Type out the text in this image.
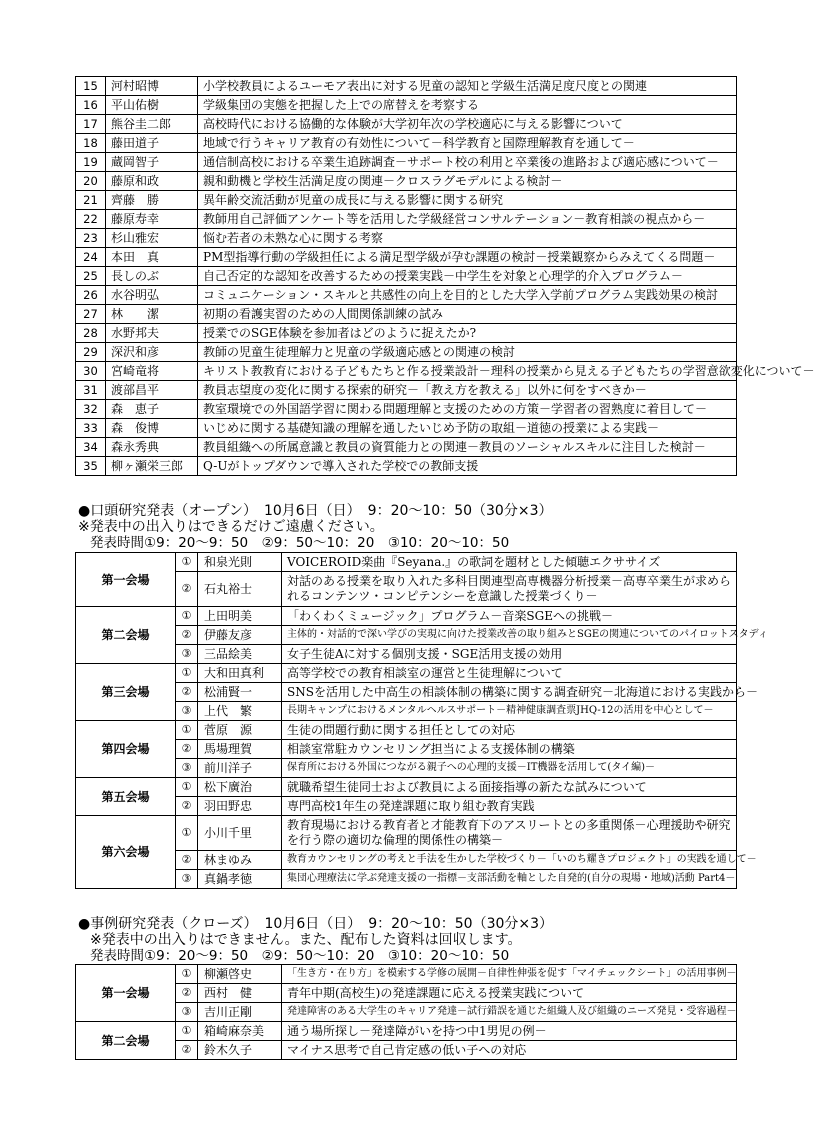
15	河村昭博	小学校教員によるユーモア表出に対する児童の認知と学級生活満足度尺度との関連
16	平山佑樹	学級集団の実態を把握した上での席替えを考察する
17	熊谷圭二郎	高校時代における協働的な体験が大学初年次の学校適応に与える影響について
18	藤田道子	地域で行うキャリア教育の有効性について－科学教育と国際理解教育を通して－
19	蔵岡智子	通信制高校における卒業生追跡調査－サポート校の利用と卒業後の進路および適応感について－
20	藤原和政	親和動機と学校生活満足度の関連－クロスラグモデルによる検討－
21	齊藤　勝	異年齢交流活動が児童の成長に与える影響に関する研究
22	藤原寿幸	教師用自己評価アンケート等を活用した学級経営コンサルテーション－教育相談の視点から－
23	杉山雅宏	悩む若者の未熟な心に関する考察
24	本田　真	PM型指導行動の学級担任による満足型学級が孕む課題の検討－授業観察からみえてくる問題－
25	長しのぶ	自己否定的な認知を改善するための授業実践－中学生を対象と心理学的介入プログラム－
26	水谷明弘	コミュニケーション・スキルと共感性の向上を目的とした大学入学前プログラム実践効果の検討
27	林　　潔	初期の看護実習のための人間関係訓練の試み
28	水野邦夫	授業でのSGE体験を参加者はどのように捉えたか?
29	深沢和彦	教師の児童生徒理解力と児童の学級適応感との関連の検討
30	宮崎竜将	キリスト教教育における子どもたちと作る授業設計－理科の授業から見える子どもたちの学習意欲変化について－
31	渡部昌平	教員志望度の変化に関する探索的研究－「教え方を教える」以外に何をすべきか－
32	森　恵子	教室環境での外国語学習に関わる問題理解と支援のための方策－学習者の習熟度に着目して－
33	森　俊博	いじめに関する基礎知識の理解を通したいじめ予防の取組－道徳の授業による実践－
34	森永秀典	教員組織への所属意識と教員の資質能力との関連－教員のソーシャルスキルに注目した検討－
35	柳ヶ瀬栄三郎	Q-Uがトップダウンで導入された学校での教師支援
●口頭研究発表（オープン）　10月6日（日）　9：20～10：50（30分×3）
※発表中の出入りはできるだけご遠慮ください。
発表時間①9：20～9：50　②9：50～10：20　③10：20～10：50
第一会場	①	和泉光則	VOICEROID楽曲『Seyana.』の歌詞を題材とした傾聴エクササイズ
	②	石丸裕士	対話のある授業を取り入れた多科目関連型高専機器分析授業－高専卒業生が求められるコンテンツ・コンピテンシーを意識した授業づくり－
第二会場	①	上田明美	「わくわくミュージック」プログラム－音楽SGEへの挑戦－
	②	伊藤友彦	主体的・対話的で深い学びの実現に向けた授業改善の取り組みとSGEの関連についてのパイロットスタディ
	③	三品絵美	女子生徒Aに対する個別支援・SGE活用支援の効用
第三会場	①	大和田真利	高等学校での教育相談室の運営と生徒理解について
	②	松浦賢一	SNSを活用した中高生の相談体制の構築に関する調査研究－北海道における実践から－
	③	上代　繁	長期キャンプにおけるメンタルヘルスサポート－精神健康調査票JHQ-12の活用を中心として－
第四会場	①	菅原　源	生徒の問題行動に関する担任としての対応
	②	馬場理賀	相談室常駐カウンセリング担当による支援体制の構築
	③	前川洋子	保育所における外国につながる親子への心理的支援－IT機器を活用して(タイ編)－
第五会場	①	松下廣治	就職希望生徒同士および教員による面接指導の新たな試みについて
	②	羽田野忠	専門高校1年生の発達課題に取り組む教育実践
第六会場	①	小川千里	教育現場における教育者と才能教育下のアスリートとの多重関係－心理援助や研究を行う際の適切な倫理的関係性の構築－
	②	林まゆみ	教育カウンセリングの考えと手法を生かした学校づくり－「いのち耀きプロジェクト」の実践を通して－
	③	真鍋孝徳	集団心理療法に学ぶ発達支援の一指標－支部活動を軸とした自発的(自分の現場・地域)活動 Part4－
●事例研究発表（クローズ）　10月6日（日）　9：20～10：50（30分×3）
※発表中の出入りはできません。また、配布した資料は回収します。
発表時間①9：20～9：50　②9：50～10：20　③10：20～10：50
第一会場	①	柳瀬啓史	「生き方・在り方」を模索する学修の展開－自律性伸張を促す「マイチェックシート」の活用事例－
	②	西村　健	青年中期(高校生)の発達課題に応える授業実践について
	③	吉川正剛	発達障害のある大学生のキャリア発達－試行錯誤を通じた組織人及び組織のニーズ発見・受容過程－
第二会場	①	箱崎麻奈美	通う場所探し－発達障がいを持つ中1男児の例－
	②	鈴木久子	マイナス思考で自己肯定感の低い子への対応
